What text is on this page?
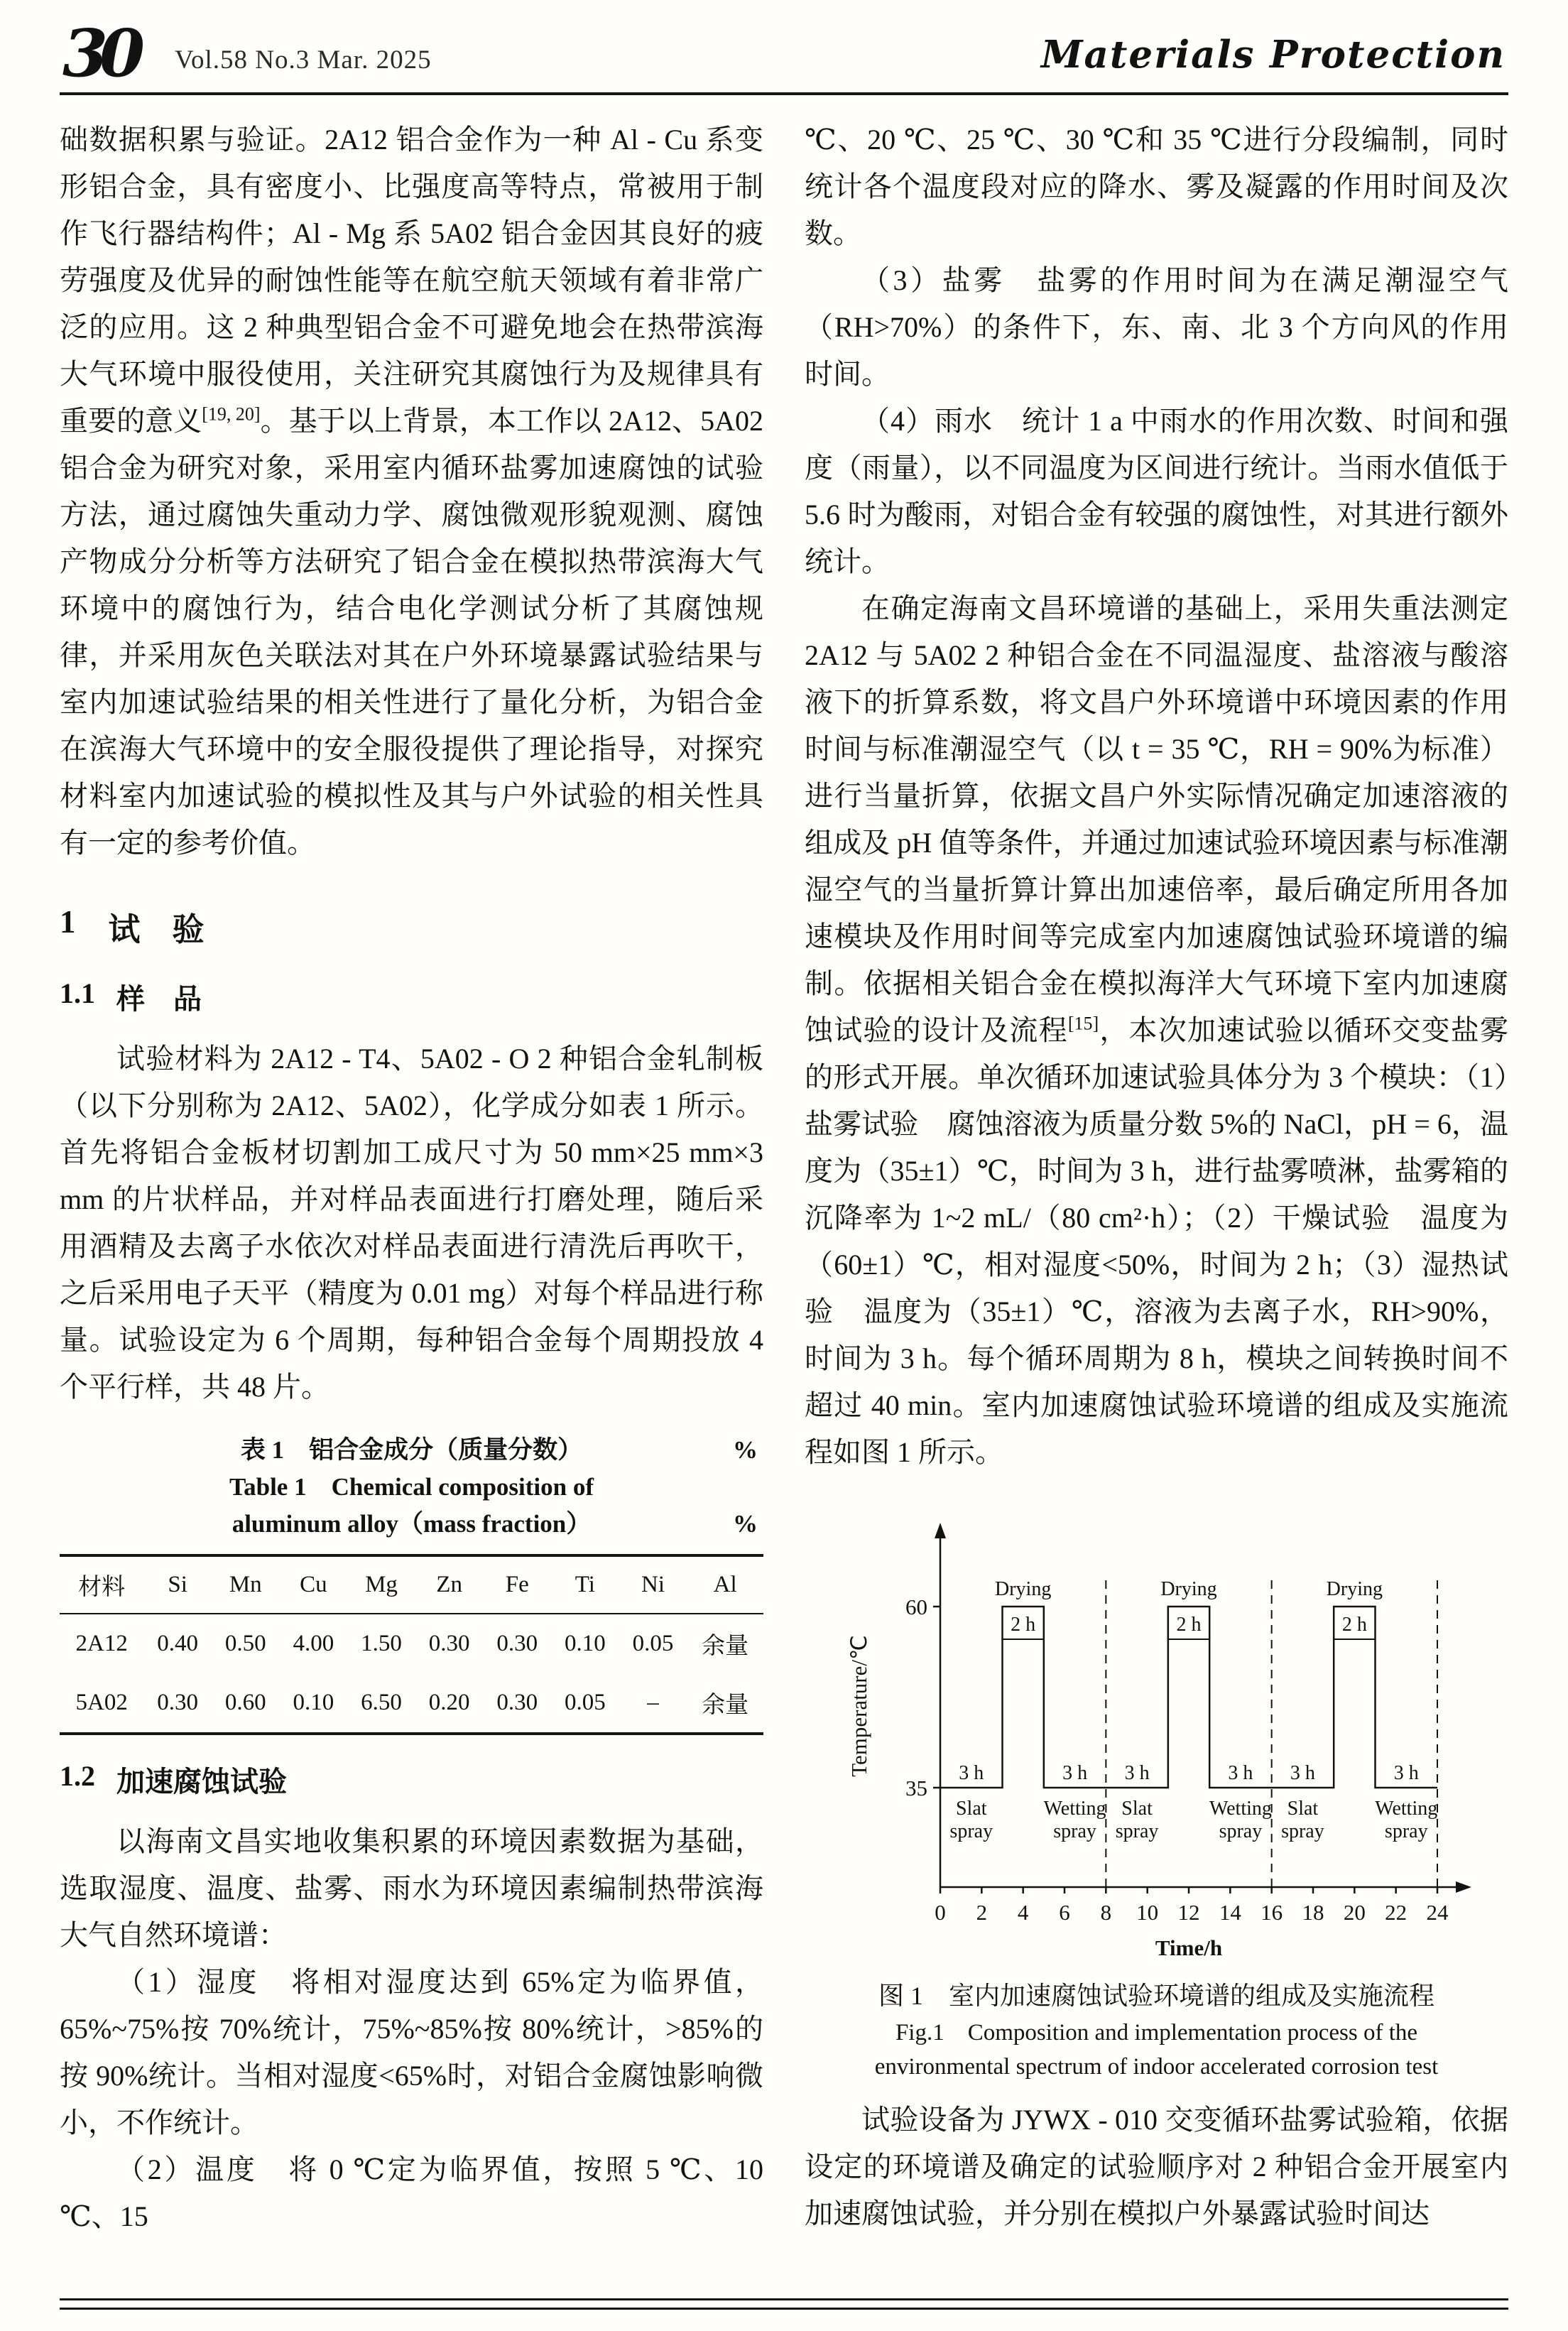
30	Vol.58 No.3 Mar. 2025	Materials Protection

础数据积累与验证。2A12 铝合金作为一种 Al - Cu 系变形铝合金，具有密度小、比强度高等特点，常被用于制作飞行器结构件；Al - Mg 系 5A02 铝合金因其良好的疲劳强度及优异的耐蚀性能等在航空航天领域有着非常广泛的应用。这 2 种典型铝合金不可避免地会在热带滨海大气环境中服役使用，关注研究其腐蚀行为及规律具有重要的意义[19, 20]。基于以上背景，本工作以 2A12、5A02 铝合金为研究对象，采用室内循环盐雾加速腐蚀的试验方法，通过腐蚀失重动力学、腐蚀微观形貌观测、腐蚀产物成分分析等方法研究了铝合金在模拟热带滨海大气环境中的腐蚀行为，结合电化学测试分析了其腐蚀规律，并采用灰色关联法对其在户外环境暴露试验结果与室内加速试验结果的相关性进行了量化分析，为铝合金在滨海大气环境中的安全服役提供了理论指导，对探究材料室内加速试验的模拟性及其与户外试验的相关性具有一定的参考价值。

1 试　验
1.1 样　品

试验材料为 2A12 - T4、5A02 - O 2 种铝合金轧制板（以下分别称为 2A12、5A02），化学成分如表 1 所示。首先将铝合金板材切割加工成尺寸为 50 mm×25 mm×3 mm 的片状样品，并对样品表面进行打磨处理，随后采用酒精及去离子水依次对样品表面进行清洗后再吹干，之后采用电子天平（精度为 0.01 mg）对每个样品进行称量。试验设定为 6 个周期，每种铝合金每个周期投放 4 个平行样，共 48 片。

表 1　铝合金成分（质量分数）	%
Table 1　Chemical composition of
aluminum alloy（mass fraction）	%
材料	Si	Mn	Cu	Mg	Zn	Fe	Ti	Ni	Al
2A12	0.40	0.50	4.00	1.50	0.30	0.30	0.10	0.05	余量
5A02	0.30	0.60	0.10	6.50	0.20	0.30	0.05	–	余量
1.2 加速腐蚀试验

以海南文昌实地收集积累的环境因素数据为基础，选取湿度、温度、盐雾、雨水为环境因素编制热带滨海大气自然环境谱：

（1）湿度　将相对湿度达到 65%定为临界值，65%~75%按 70%统计，75%~85%按 80%统计，>85%的按 90%统计。当相对湿度<65%时，对铝合金腐蚀影响微小，不作统计。

（2）温度　将 0 ℃定为临界值，按照 5 ℃、10 ℃、15

℃、20 ℃、25 ℃、30 ℃和 35 ℃进行分段编制，同时统计各个温度段对应的降水、雾及凝露的作用时间及次数。

（3）盐雾　盐雾的作用时间为在满足潮湿空气（RH>70%）的条件下，东、南、北 3 个方向风的作用时间。

（4）雨水　统计 1 a 中雨水的作用次数、时间和强度（雨量），以不同温度为区间进行统计。当雨水值低于 5.6 时为酸雨，对铝合金有较强的腐蚀性，对其进行额外统计。

在确定海南文昌环境谱的基础上，采用失重法测定 2A12 与 5A02 2 种铝合金在不同温湿度、盐溶液与酸溶液下的折算系数，将文昌户外环境谱中环境因素的作用时间与标准潮湿空气（以 t = 35 ℃，RH = 90%为标准）进行当量折算，依据文昌户外实际情况确定加速溶液的组成及 pH 值等条件，并通过加速试验环境因素与标准潮湿空气的当量折算计算出加速倍率，最后确定所用各加速模块及作用时间等完成室内加速腐蚀试验环境谱的编制。依据相关铝合金在模拟海洋大气环境下室内加速腐蚀试验的设计及流程[15]，本次加速试验以循环交变盐雾的形式开展。单次循环加速试验具体分为 3 个模块：（1）盐雾试验　腐蚀溶液为质量分数 5%的 NaCl，pH = 6，温度为（35±1）℃，时间为 3 h，进行盐雾喷淋，盐雾箱的沉降率为 1~2 mL/（80 cm²·h）；（2）干燥试验　温度为（60±1）℃，相对湿度<50%，时间为 2 h；（3）湿热试验　温度为（35±1）℃，溶液为去离子水，RH>90%，时间为 3 h。每个循环周期为 8 h，模块之间转换时间不超过 40 min。室内加速腐蚀试验环境谱的组成及实施流程如图 1 所示。

35
60
0 2 4 6 8 10 12 14 16 18 20 22 24
3 h
Slat
spray
Drying
2 h
3 h
Wetting
spray
3 h
Slat
spray
Drying
2 h
3 h
Wetting
spray
3 h
Slat
spray
Drying
2 h
3 h
Wetting
spray
Time/h
Temperature/℃
图 1　室内加速腐蚀试验环境谱的组成及实施流程
Fig.1　Composition and implementation process of the
environmental spectrum of indoor accelerated corrosion test

试验设备为 JYWX - 010 交变循环盐雾试验箱，依据设定的环境谱及确定的试验顺序对 2 种铝合金开展室内加速腐蚀试验，并分别在模拟户外暴露试验时间达
